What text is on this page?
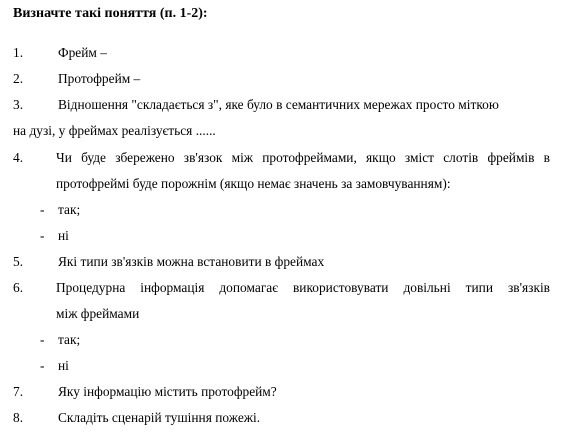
Визначте такі поняття (п. 1-2):
1.	Фрейм –
2.	Протофрейм –
3.	Відношення "складається з", яке було в семантичних мережах просто міткою
на дузі, у фреймах реалізується ......
4. Чи буде збережено зв'язок між протофреймами, якщо зміст слотів фреймів в
протофреймі буде порожнім (якщо немає значень за замовчуванням):
- так;
- ні
5.	Які типи зв'язків можна встановити в фреймах
6. Процедурна інформація допомагає використовувати довільні типи зв'язків
між фреймами
- так;
- ні
7.	Яку інформацію містить протофрейм?
8.	Складіть сценарій тушіння пожежі.
